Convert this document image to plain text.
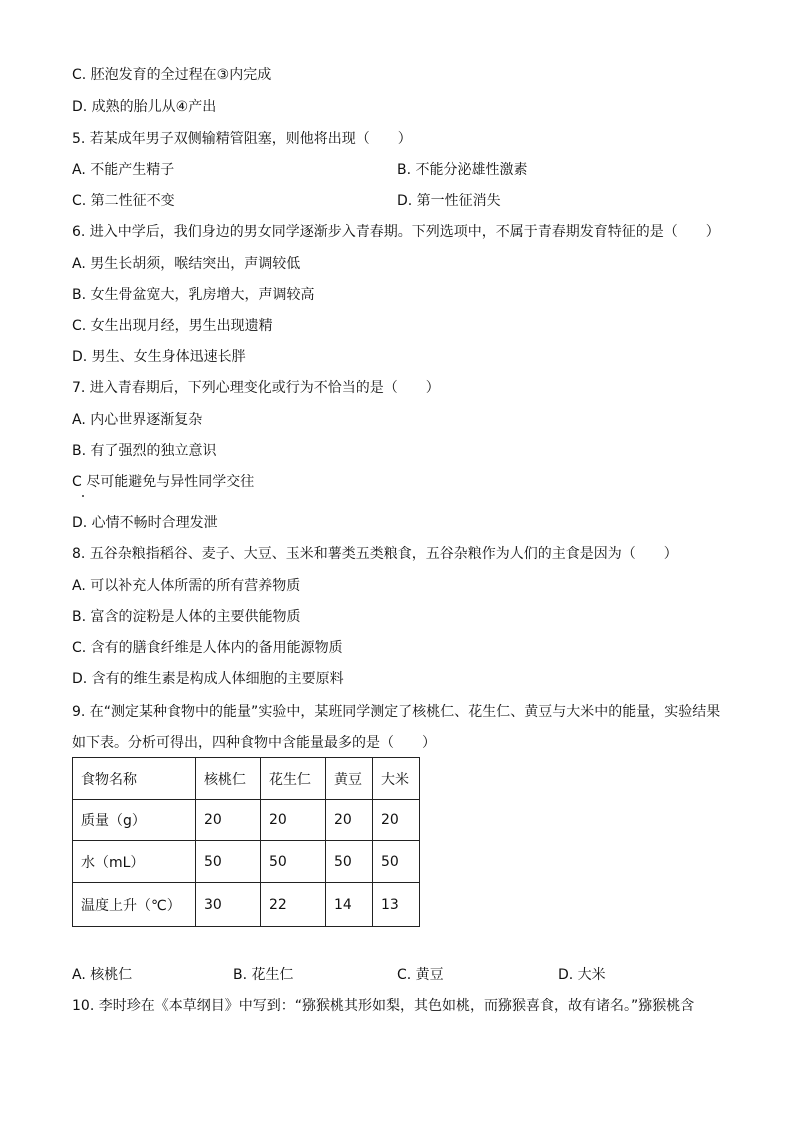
C. 胚泡发育的全过程在③内完成
D. 成熟的胎儿从④产出
5. 若某成年男子双侧输精管阻塞，则他将出现（　　）
A. 不能产生精子	B. 不能分泌雄性激素
C. 第二性征不变	D. 第一性征消失
6. 进入中学后，我们身边的男女同学逐渐步入青春期。下列选项中，不属于青春期发育特征的是（　　）
A. 男生长胡须，喉结突出，声调较低
B. 女生骨盆宽大，乳房增大，声调较高
C. 女生出现月经，男生出现遗精
D. 男生、女生身体迅速长胖
7. 进入青春期后，下列心理变化或行为不恰当的是（　　）
A. 内心世界逐渐复杂
B. 有了强烈的独立意识
C 尽可能避免与异性同学交往
D. 心情不畅时合理发泄
8. 五谷杂粮指稻谷、麦子、大豆、玉米和薯类五类粮食，五谷杂粮作为人们的主食是因为（　　）
A. 可以补充人体所需的所有营养物质
B. 富含的淀粉是人体的主要供能物质
C. 含有的膳食纤维是人体内的备用能源物质
D. 含有的维生素是构成人体细胞的主要原料
9. 在“测定某种食物中的能量”实验中，某班同学测定了核桃仁、花生仁、黄豆与大米中的能量，实验结果
如下表。分析可得出，四种食物中含能量最多的是（　　）
食物名称	核桃仁	花生仁	黄豆	大米
质量（g）	20	20	20	20
水（mL）	50	50	50	50
温度上升（℃）	30	22	14	13
A. 核桃仁	B. 花生仁	C. 黄豆	D. 大米
10. 李时珍在《本草纲目》中写到：“猕猴桃其形如梨，其色如桃，而猕猴喜食，故有诸名。”猕猴桃含
